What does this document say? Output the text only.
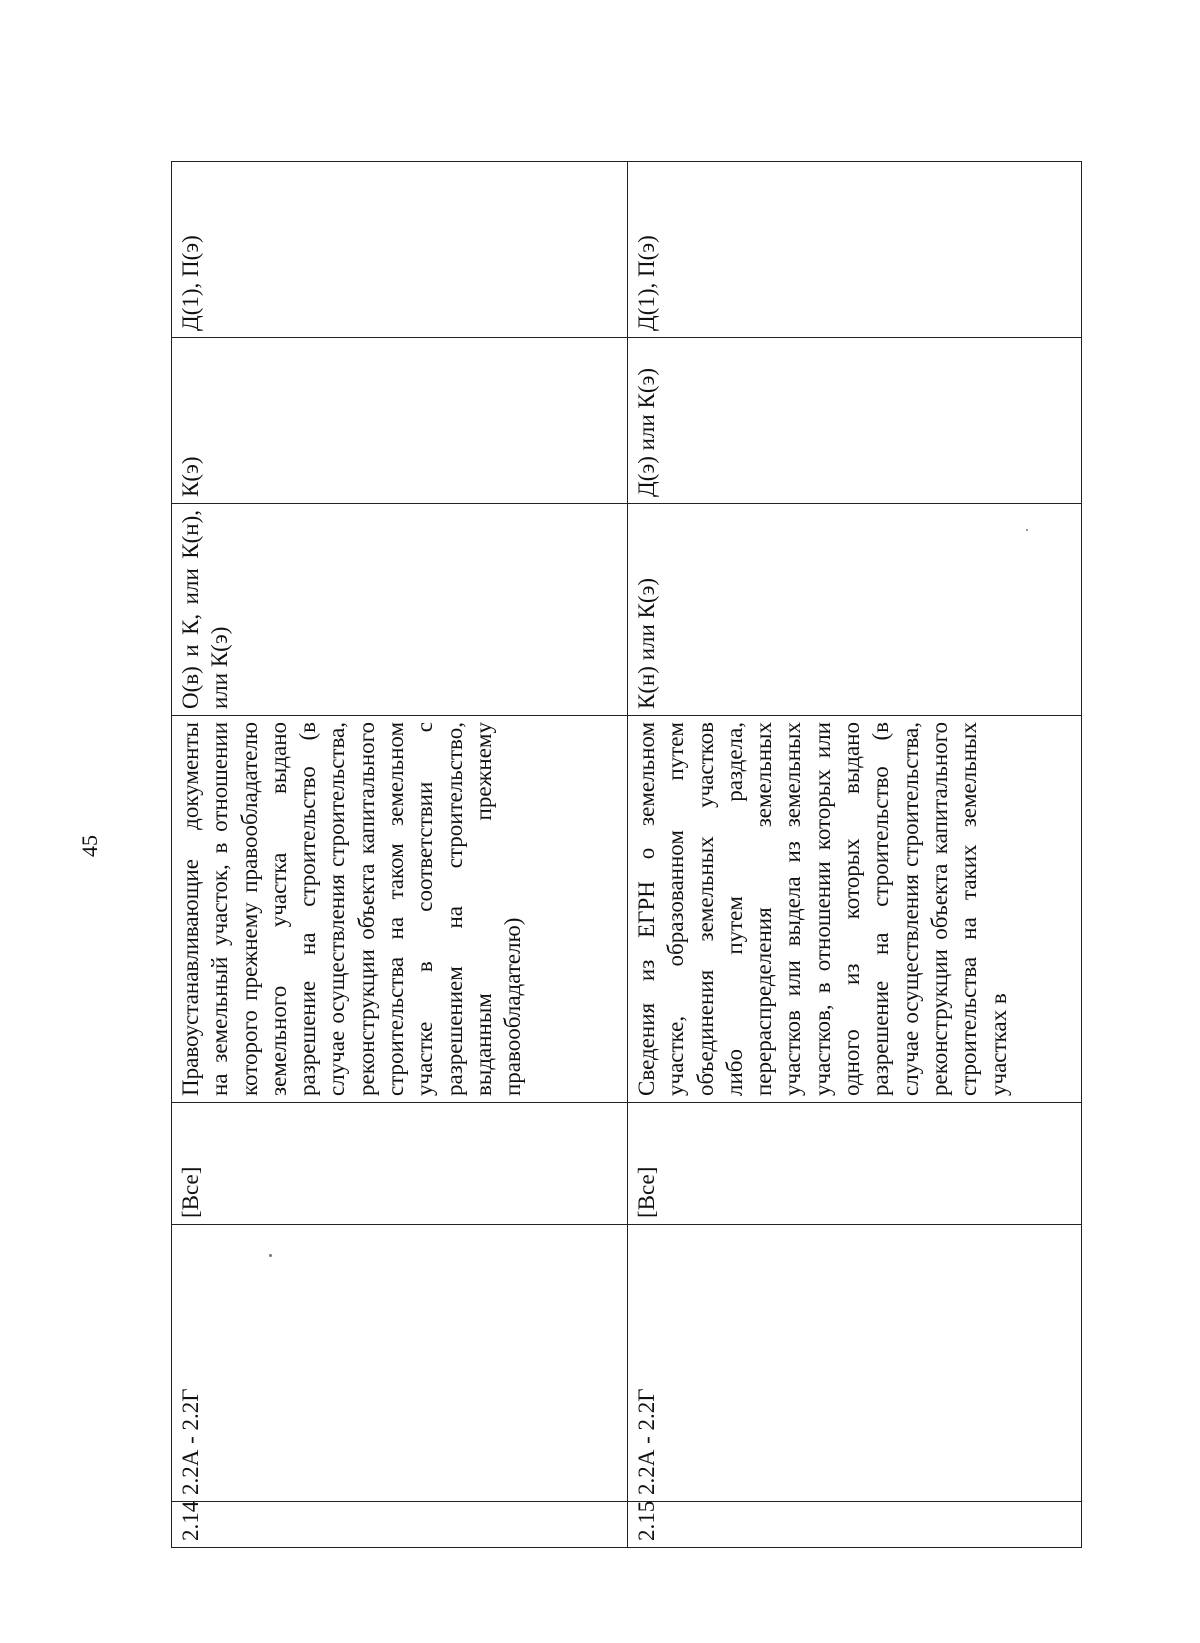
45
2.14	2.2А - 2.2Г	[Все]	Правоустанавливающие документы на земельный участок, в отношении которого прежнему правообладателю земельного участка выдано разрешение на строительство (в случае осуществления строительства, реконструкции объекта капитального строительства на таком земельном участке в соответствии с разрешением на строительство, выданным прежнему правообладателю)	О(в) и К, или К(н), или К(э)	К(э)	Д(1), П(э)
2.15	2.2А - 2.2Г	[Все]	Сведения из ЕГРН о земельном участке, образованном путем объединения земельных участков либо путем раздела, перераспределения земельных участков или выдела из земельных участков, в отношении которых или одного из которых выдано разрешение на строительство (в случае осуществления строительства, реконструкции объекта капитального строительства на таких земельных участках в	К(н) или К(э)	Д(э) или К(э)	Д(1), П(э)
